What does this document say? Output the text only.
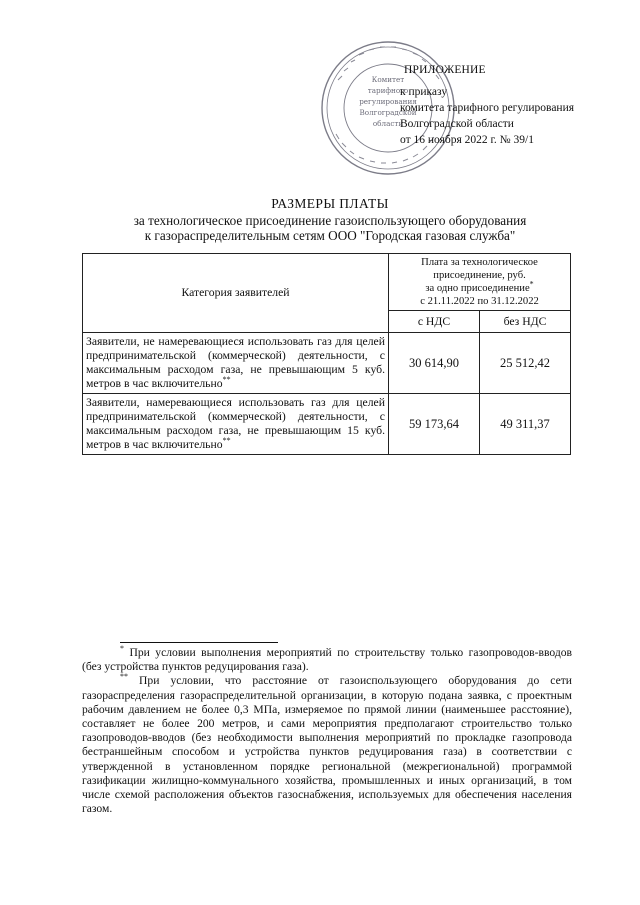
Комитет
тарифного
регулирования
Волгоградской
области
ПРИЛОЖЕНИЕ
к приказу
комитета тарифного регулирования
Волгоградской области
от 16 ноября 2022 г. № 39/1
РАЗМЕРЫ ПЛАТЫ
за технологическое присоединение газоиспользующего оборудования
к газораспределительным сетям ООО "Городская газовая служба"
Категория заявителей	Плата за технологическое
присоединение, руб.
за одно присоединение*
с 21.11.2022 по 31.12.2022	

	с НДС	без НДС
Заявители, не намеревающиеся использовать газ для целей предпринимательской (коммерческой) деятельности, с максимальным расходом газа, не превышающим 5 куб. метров в час включительно**	30 614,90	25 512,42
Заявители, намеревающиеся использовать газ для целей предпринимательской (коммерческой) деятельности, с максимальным расходом газа, не превышающим 15 куб. метров в час включительно**	59 173,64	49 311,37

* При условии выполнения мероприятий по строительству только газопроводов-вводов (без устройства пунктов редуцирования газа).

** При условии, что расстояние от газоиспользующего оборудования до сети газораспределения газораспределительной организации, в которую подана заявка, с проектным рабочим давлением не более 0,3 МПа, измеряемое по прямой линии (наименьшее расстояние), составляет не более 200 метров, и сами мероприятия предполагают строительство только газопроводов-вводов (без необходимости выполнения мероприятий по прокладке газопровода бестраншейным способом и устройства пунктов редуцирования газа) в соответствии с утвержденной в установленном порядке региональной (межрегиональной) программой газификации жилищно-коммунального хозяйства, промышленных и иных организаций, в том числе схемой расположения объектов газоснабжения, используемых для обеспечения населения газом.
